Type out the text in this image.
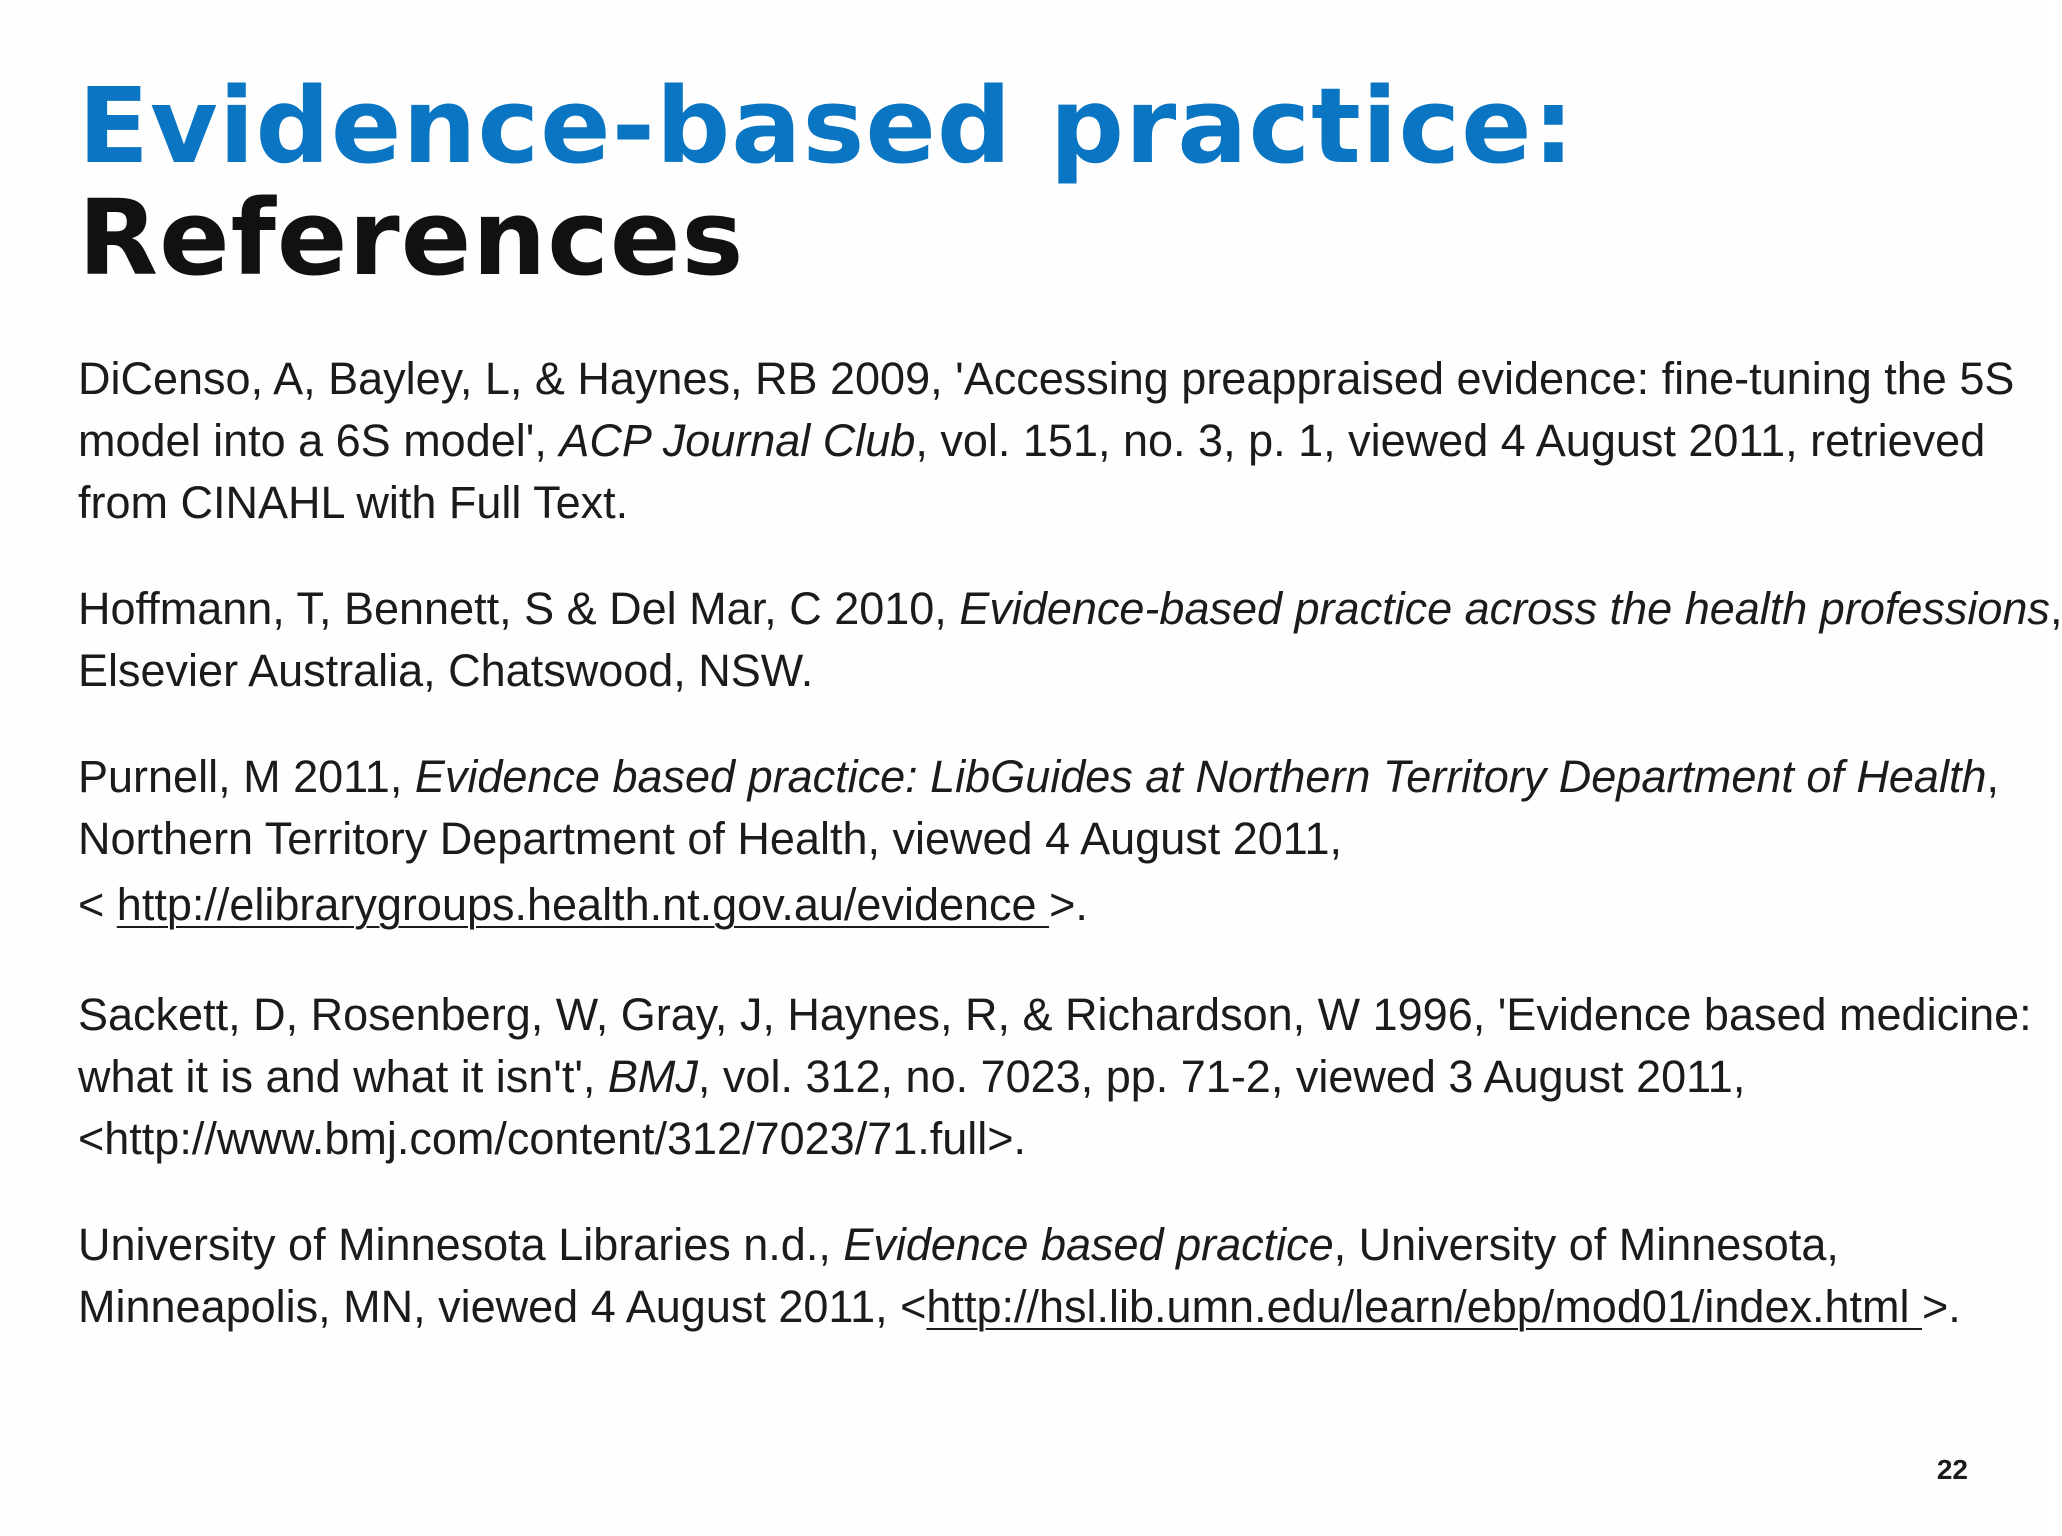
Evidence-based practice:
References
DiCenso, A, Bayley, L, & Haynes, RB 2009, 'Accessing preappraised evidence: fine-tuning the 5S
model into a 6S model', ACP Journal Club, vol. 151, no. 3, p. 1, viewed 4 August 2011, retrieved
from CINAHL with Full Text.
Hoffmann, T, Bennett, S & Del Mar, C 2010, Evidence-based practice across the health professions,
Elsevier Australia, Chatswood, NSW.
Purnell, M 2011, Evidence based practice: LibGuides at Northern Territory Department of Health,
Northern Territory Department of Health, viewed 4 August 2011,
< http://elibrarygroups.health.nt.gov.au/evidence >.
Sackett, D, Rosenberg, W, Gray, J, Haynes, R, & Richardson, W 1996, 'Evidence based medicine:
what it is and what it isn't', BMJ, vol. 312, no. 7023, pp. 71-2, viewed 3 August 2011,
<http://www.bmj.com/content/312/7023/71.full>.
University of Minnesota Libraries n.d., Evidence based practice, University of Minnesota,
Minneapolis, MN, viewed 4 August 2011, <http://hsl.lib.umn.edu/learn/ebp/mod01/index.html >.
22
